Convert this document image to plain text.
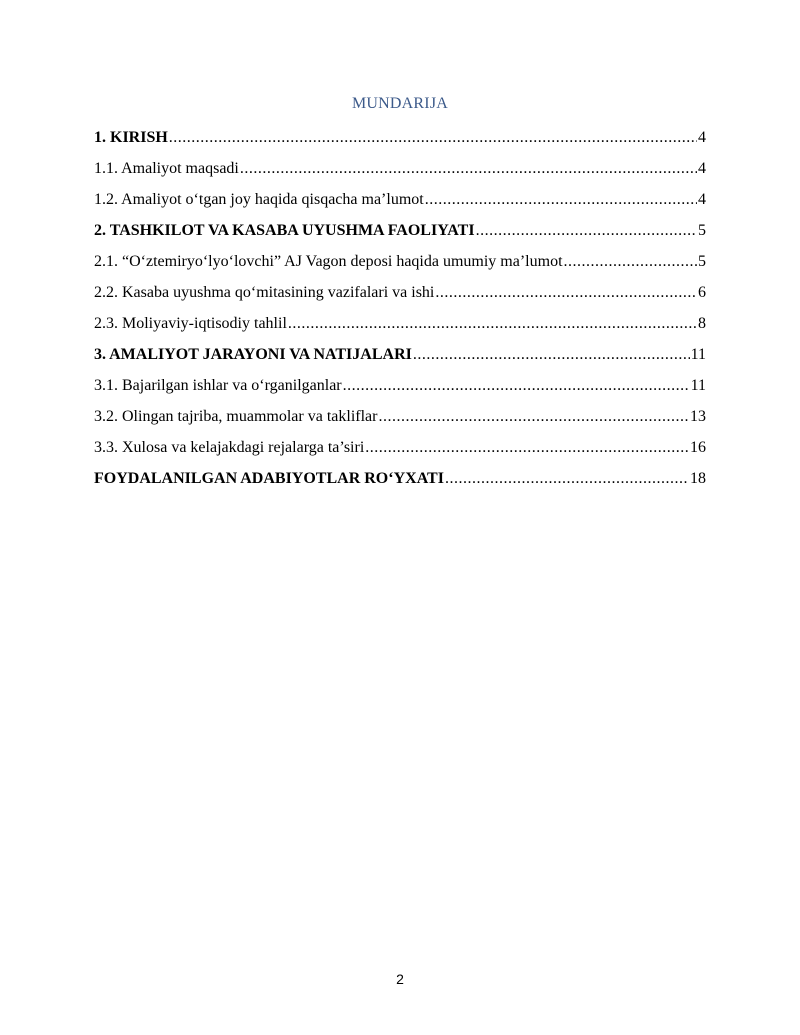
MUNDARIJA
1. KIRISH .....	4
1.1. Amaliyot maqsadi .....	4
1.2. Amaliyot o‘tgan joy haqida qisqacha ma’lumot .....	4
2. TASHKILOT VA KASABA UYUSHMA FAOLIYATI .....	5
2.1. “O‘ztemiryo‘lyo‘lovchi” AJ Vagon deposi haqida umumiy ma’lumot .....	5
2.2. Kasaba uyushma qo‘mitasining vazifalari va ishi .....	6
2.3. Moliyaviy-iqtisodiy tahlil .....	8
3. AMALIYOT JARAYONI VA NATIJALARI .....	11
3.1. Bajarilgan ishlar va o‘rganilganlar .....	11
3.2. Olingan tajriba, muammolar va takliflar .....	13
3.3. Xulosa va kelajakdagi rejalarga ta’siri .....	16
FOYDALANILGAN ADABIYOTLAR RO‘YXATI .....	18
2
